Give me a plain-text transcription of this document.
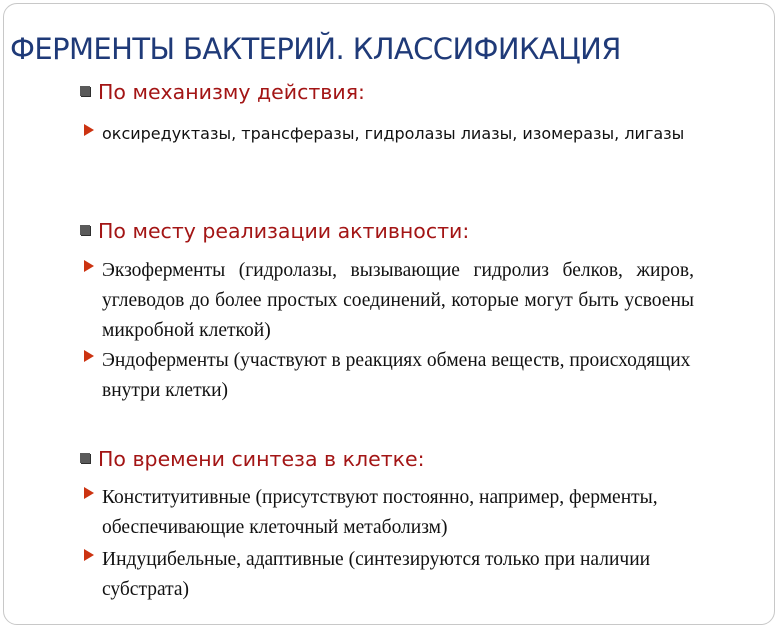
ФЕРМЕНТЫ БАКТЕРИЙ. КЛАССИФИКАЦИЯ
По механизму действия:
оксиредуктазы, трансферазы, гидролазы лиазы, изомеразы, лигазы
По месту реализации активности:
Экзоферменты (гидролазы, вызывающие гидролиз белков, жиров, углеводов до более простых соединений, которые могут быть усвоены микробной клеткой)
Эндоферменты (участвуют в реакциях обмена веществ, происходящих внутри клетки)
По времени синтеза в клетке:
Конституитивные (присутствуют постоянно, например, ферменты, обеспечивающие клеточный метаболизм)
Индуцибельные, адаптивные (синтезируются только при наличии субстрата)
